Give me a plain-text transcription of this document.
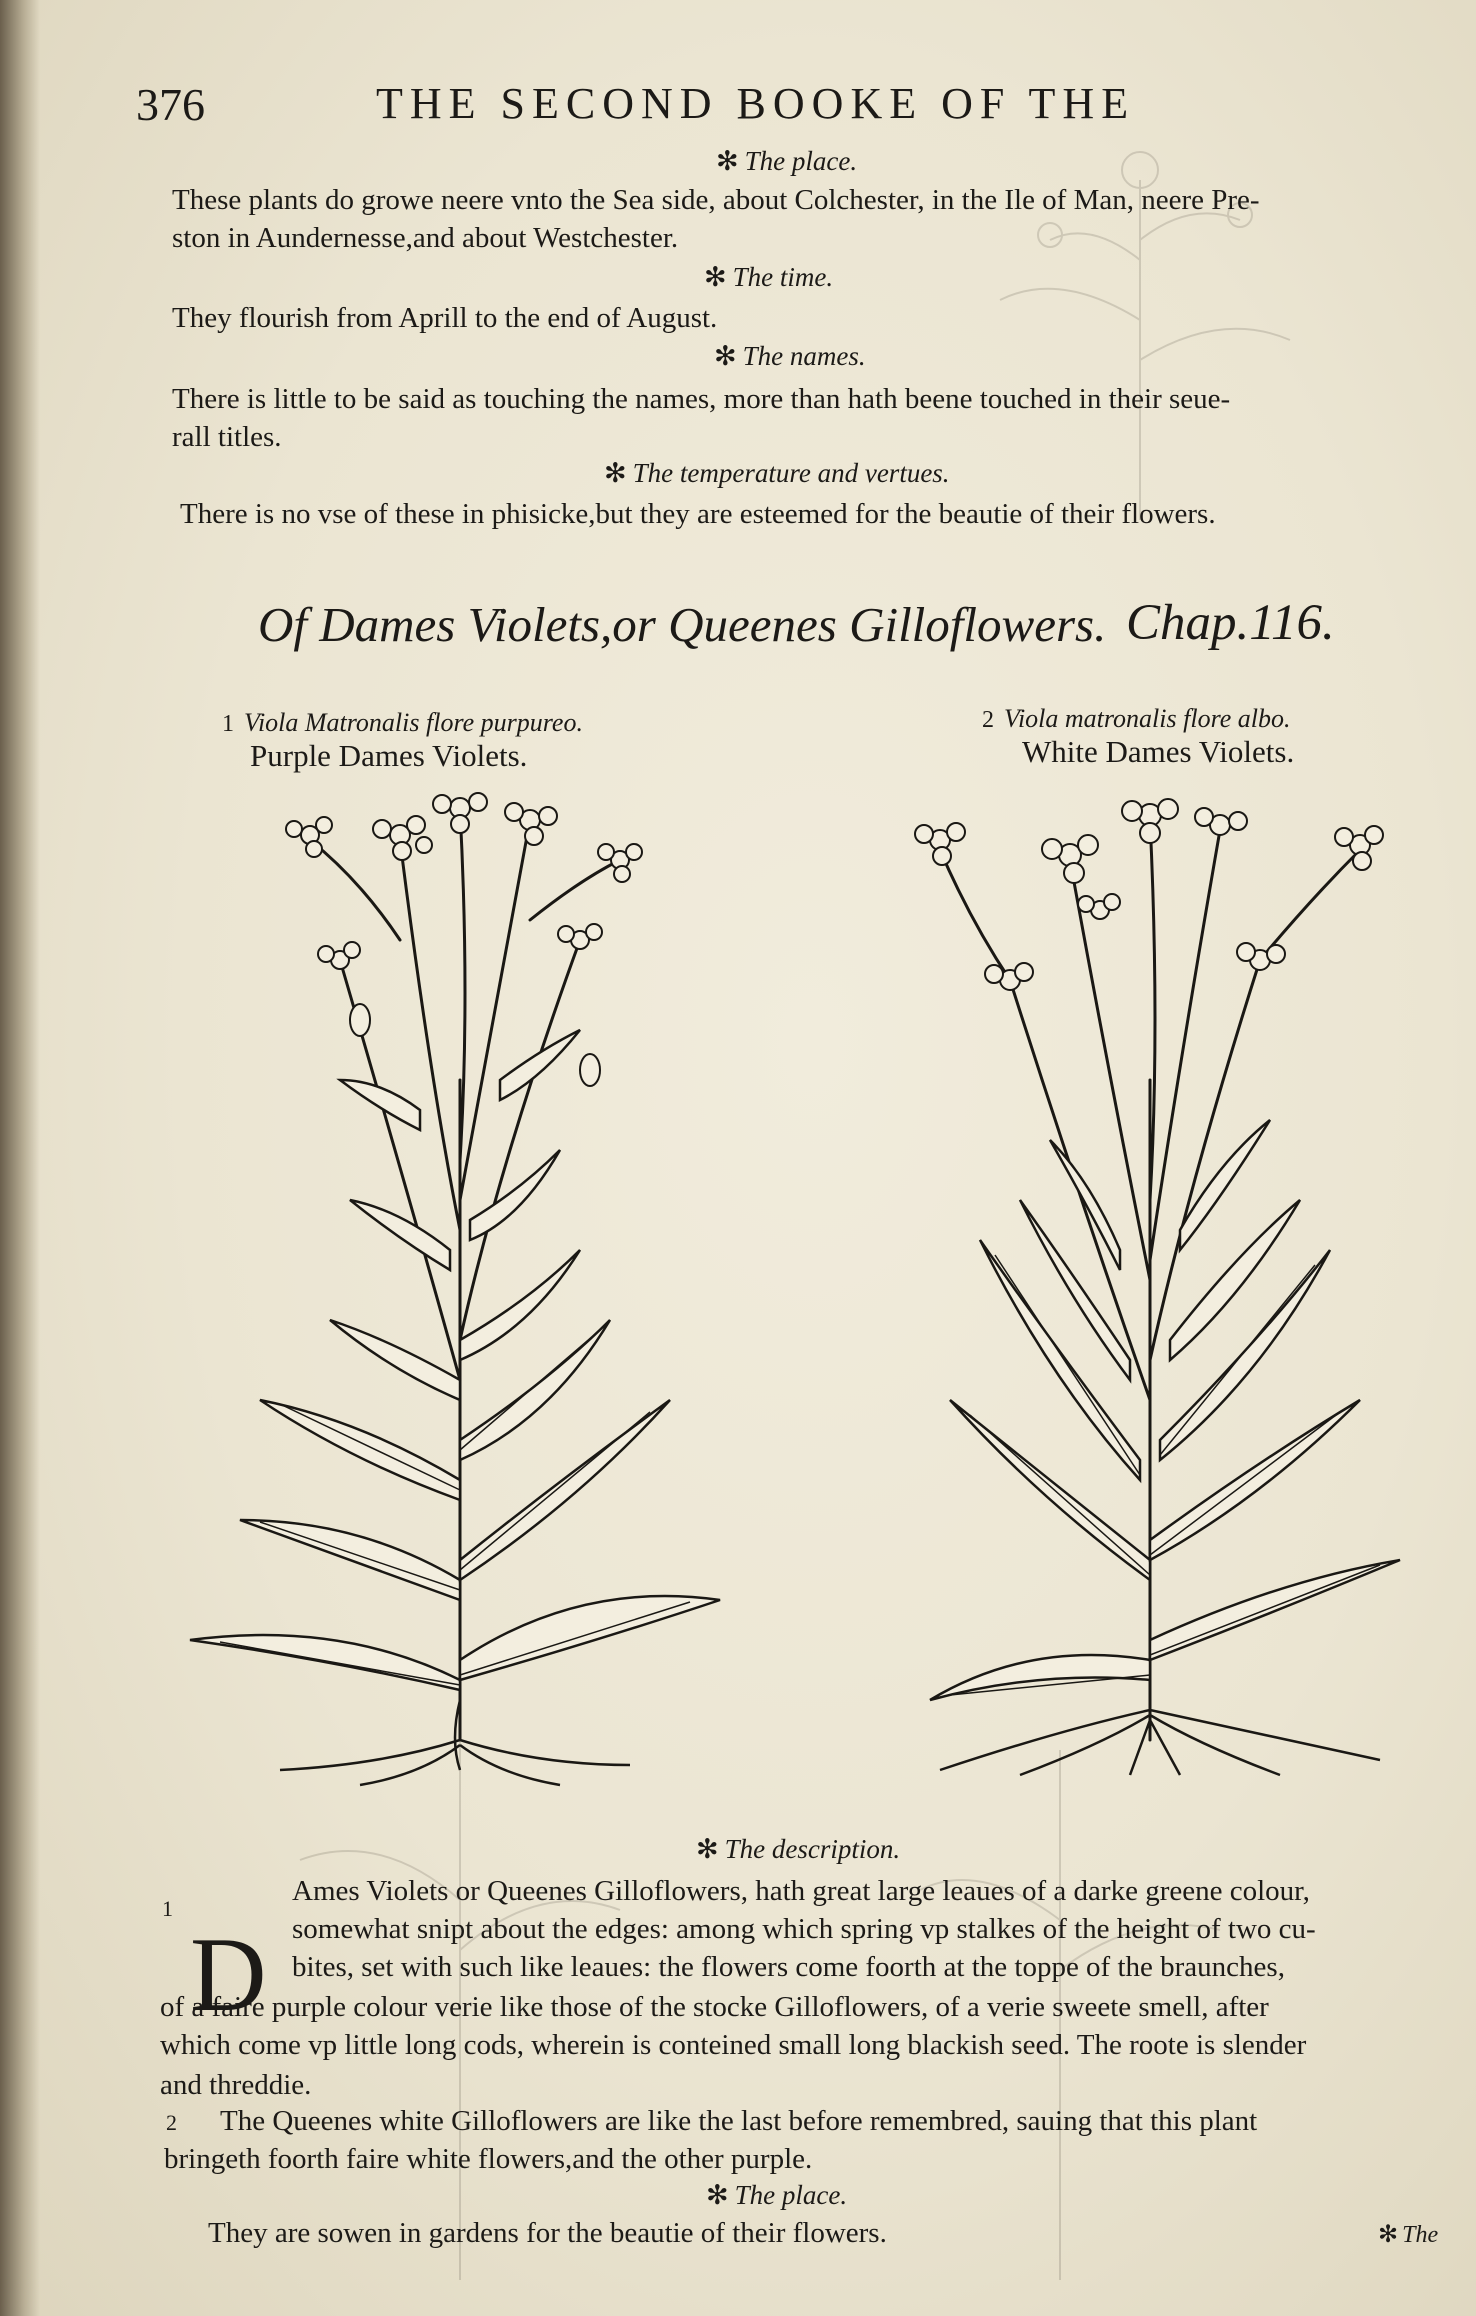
376	THE SECOND BOOKE OF THE
✻ The place.
These plants do growe neere vnto the Sea side, about Colchester, in the Ile of Man, neere Pre-
ston in Aundernesse,and about Westchester.
✻ The time.
They flourish from Aprill to the end of August.
✻ The names.
There is little to be said as touching the names, more than hath beene touched in their seue-
rall titles.
✻ The temperature and vertues.
There is no vse of these in phisicke,but they are esteemed for the beautie of their flowers.
Of Dames Violets,or Queenes Gilloflowers. Chap.116.
1 Viola Matronalis flore purpureo.
Purple Dames Violets.
2 Viola matronalis flore albo.
White Dames Violets.
✻ The description.
1
D
Ames Violets or Queenes Gilloflowers, hath great large leaues of a darke greene colour,
somewhat snipt about the edges: among which spring vp stalkes of the height of two cu-
bites, set with such like leaues: the flowers come foorth at the toppe of the braunches,
of a faire purple colour verie like those of the stocke Gilloflowers, of a verie sweete smell, after
which come vp little long cods, wherein is conteined small long blackish seed. The roote is slender
and threddie.
2 The Queenes white Gilloflowers are like the last before remembred, sauing that this plant
bringeth foorth faire white flowers,and the other purple.
✻ The place.
They are sowen in gardens for the beautie of their flowers.	✻ The
